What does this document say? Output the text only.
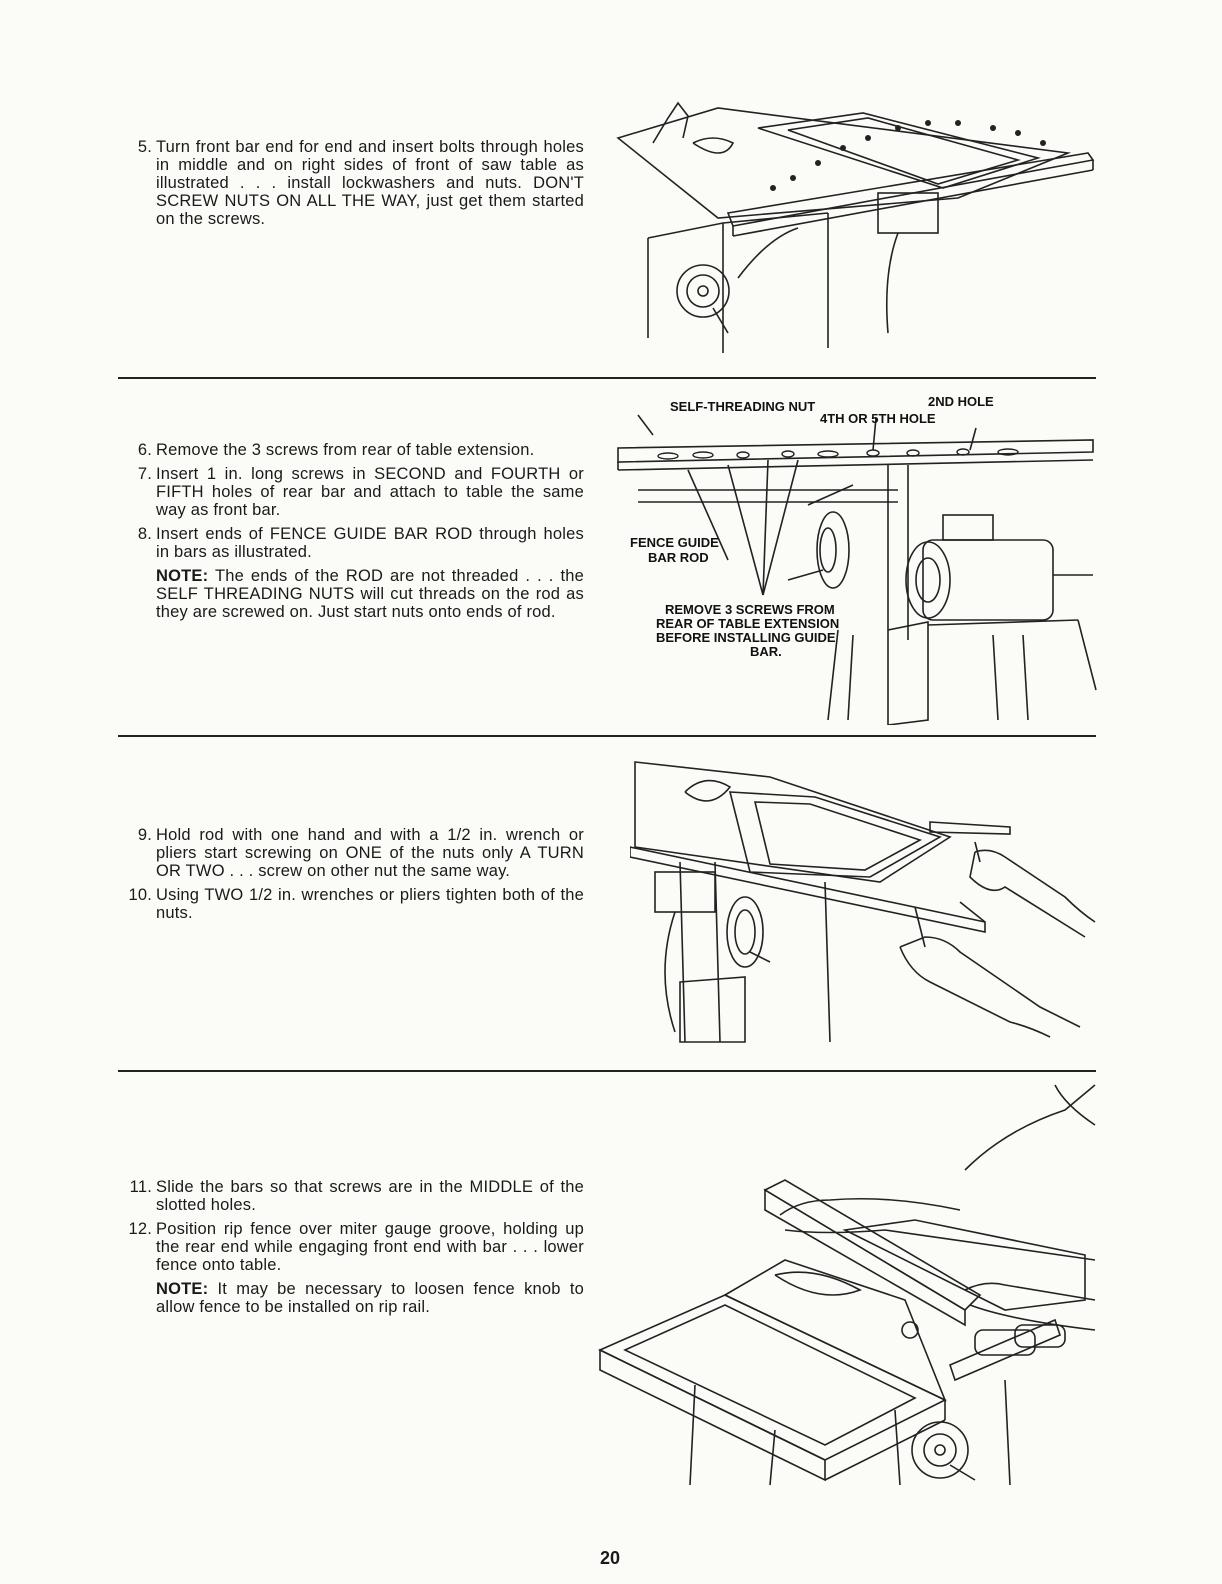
5. Turn front bar end for end and insert bolts through holes in middle and on right sides of front of saw table as illustrated . . . install lockwashers and nuts. DON'T SCREW NUTS ON ALL THE WAY, just get them started on the screws.
6. Remove the 3 screws from rear of table extension.
7. Insert 1 in. long screws in SECOND and FOURTH or FIFTH holes of rear bar and attach to table the same way as front bar.
8. Insert ends of FENCE GUIDE BAR ROD through holes in bars as illustrated.
NOTE: The ends of the ROD are not threaded . . . the SELF THREADING NUTS will cut threads on the rod as they are screwed on. Just start nuts onto ends of rod.
SELF-THREADING NUT	2ND HOLE
4TH OR 5TH HOLE
FENCE GUIDE
BAR ROD
REMOVE 3 SCREWS FROM
REAR OF TABLE EXTENSION
BEFORE INSTALLING GUIDE
BAR.
9. Hold rod with one hand and with a 1/2 in. wrench or pliers start screwing on ONE of the nuts only A TURN OR TWO . . . screw on other nut the same way.
10. Using TWO 1/2 in. wrenches or pliers tighten both of the nuts.
11. Slide the bars so that screws are in the MIDDLE of the slotted holes.
12. Position rip fence over miter gauge groove, holding up the rear end while engaging front end with bar . . . lower fence onto table.
NOTE: It may be necessary to loosen fence knob to allow fence to be installed on rip rail.
20
